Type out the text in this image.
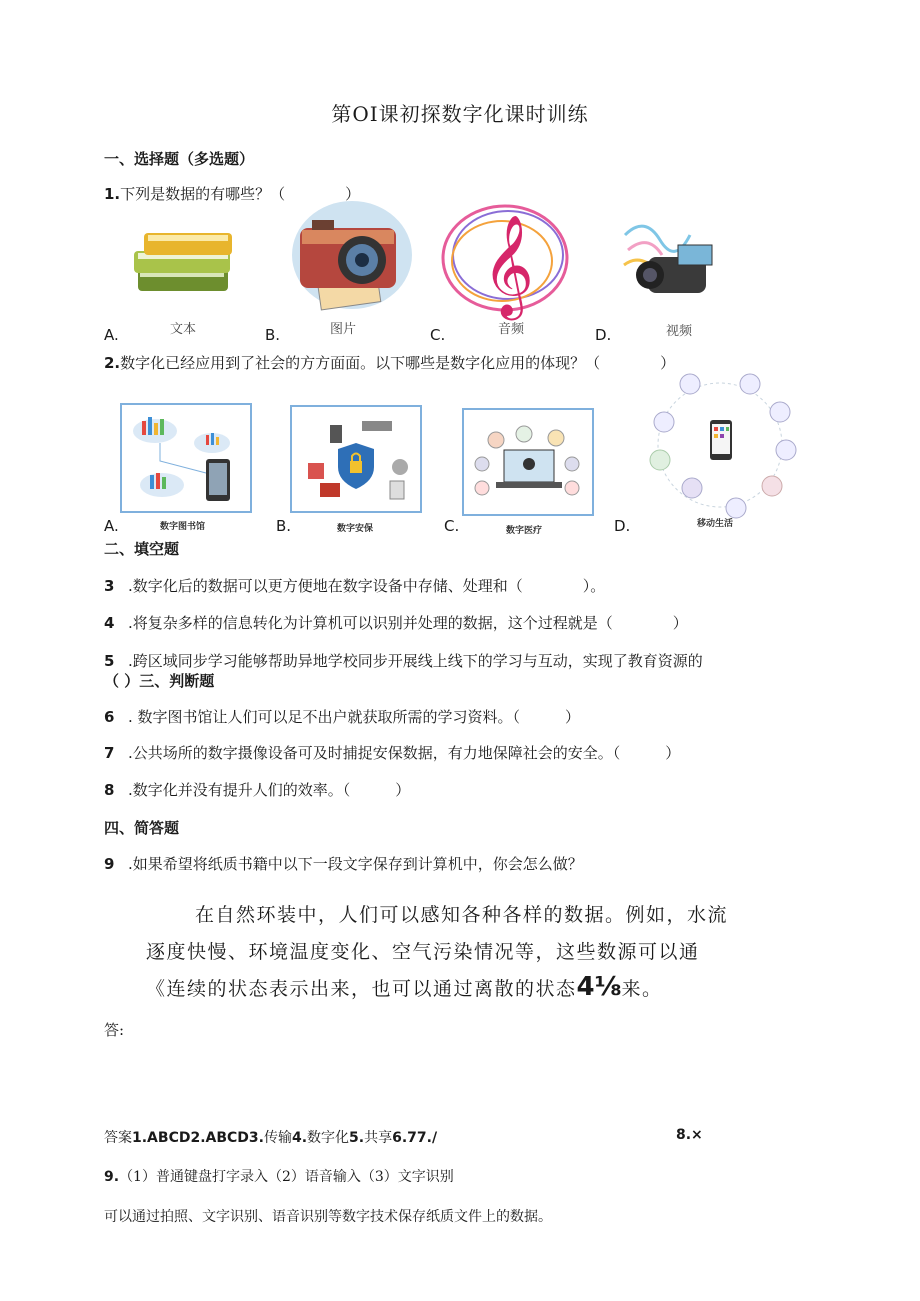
第OI课初探数字化课时训练
一、选择题（多选题）
1.下列是数据的有哪些？（　　　　）
文本	图片
𝄞
音频	视频
A.	B.	C.	D.
2.数字化已经应用到了社会的方方面面。以下哪些是数字化应用的体现？（　　　　）
数字图书馆	数字安保	数字医疗
移动生活
A.	B.	C.	D.
二、填空题
3 .数字化后的数据可以更方便地在数字设备中存储、处理和（　　　　）。
4 .将复杂多样的信息转化为计算机可以识别并处理的数据，这个过程就是（　　　　）
5 .跨区域同步学习能够帮助异地学校同步开展线上线下的学习与互动，实现了教育资源的
（ ）三、判断题
6 . 数字图书馆让人们可以足不出户就获取所需的学习资料。（　　　）
7 .公共场所的数字摄像设备可及时捕捉安保数据，有力地保障社会的安全。（　　　）
8 .数字化并没有提升人们的效率。（　　　）
四、简答题
9 .如果希望将纸质书籍中以下一段文字保存到计算机中，你会怎么做？
在自然环装中，人们可以感知各种各样的数据。例如，水流
逐度快慢、环境温度变化、空气污染情况等，这些数源可以通
《连续的状态表示出来，也可以通过离散的状态4⅛来。
答:
答案1.ABCD2.ABCD3.传输4.数字化5.共享6.77./	8.×
9.（1）普通键盘打字录入（2）语音输入（3）文字识别
可以通过拍照、文字识别、语音识别等数字技术保存纸质文件上的数据。
